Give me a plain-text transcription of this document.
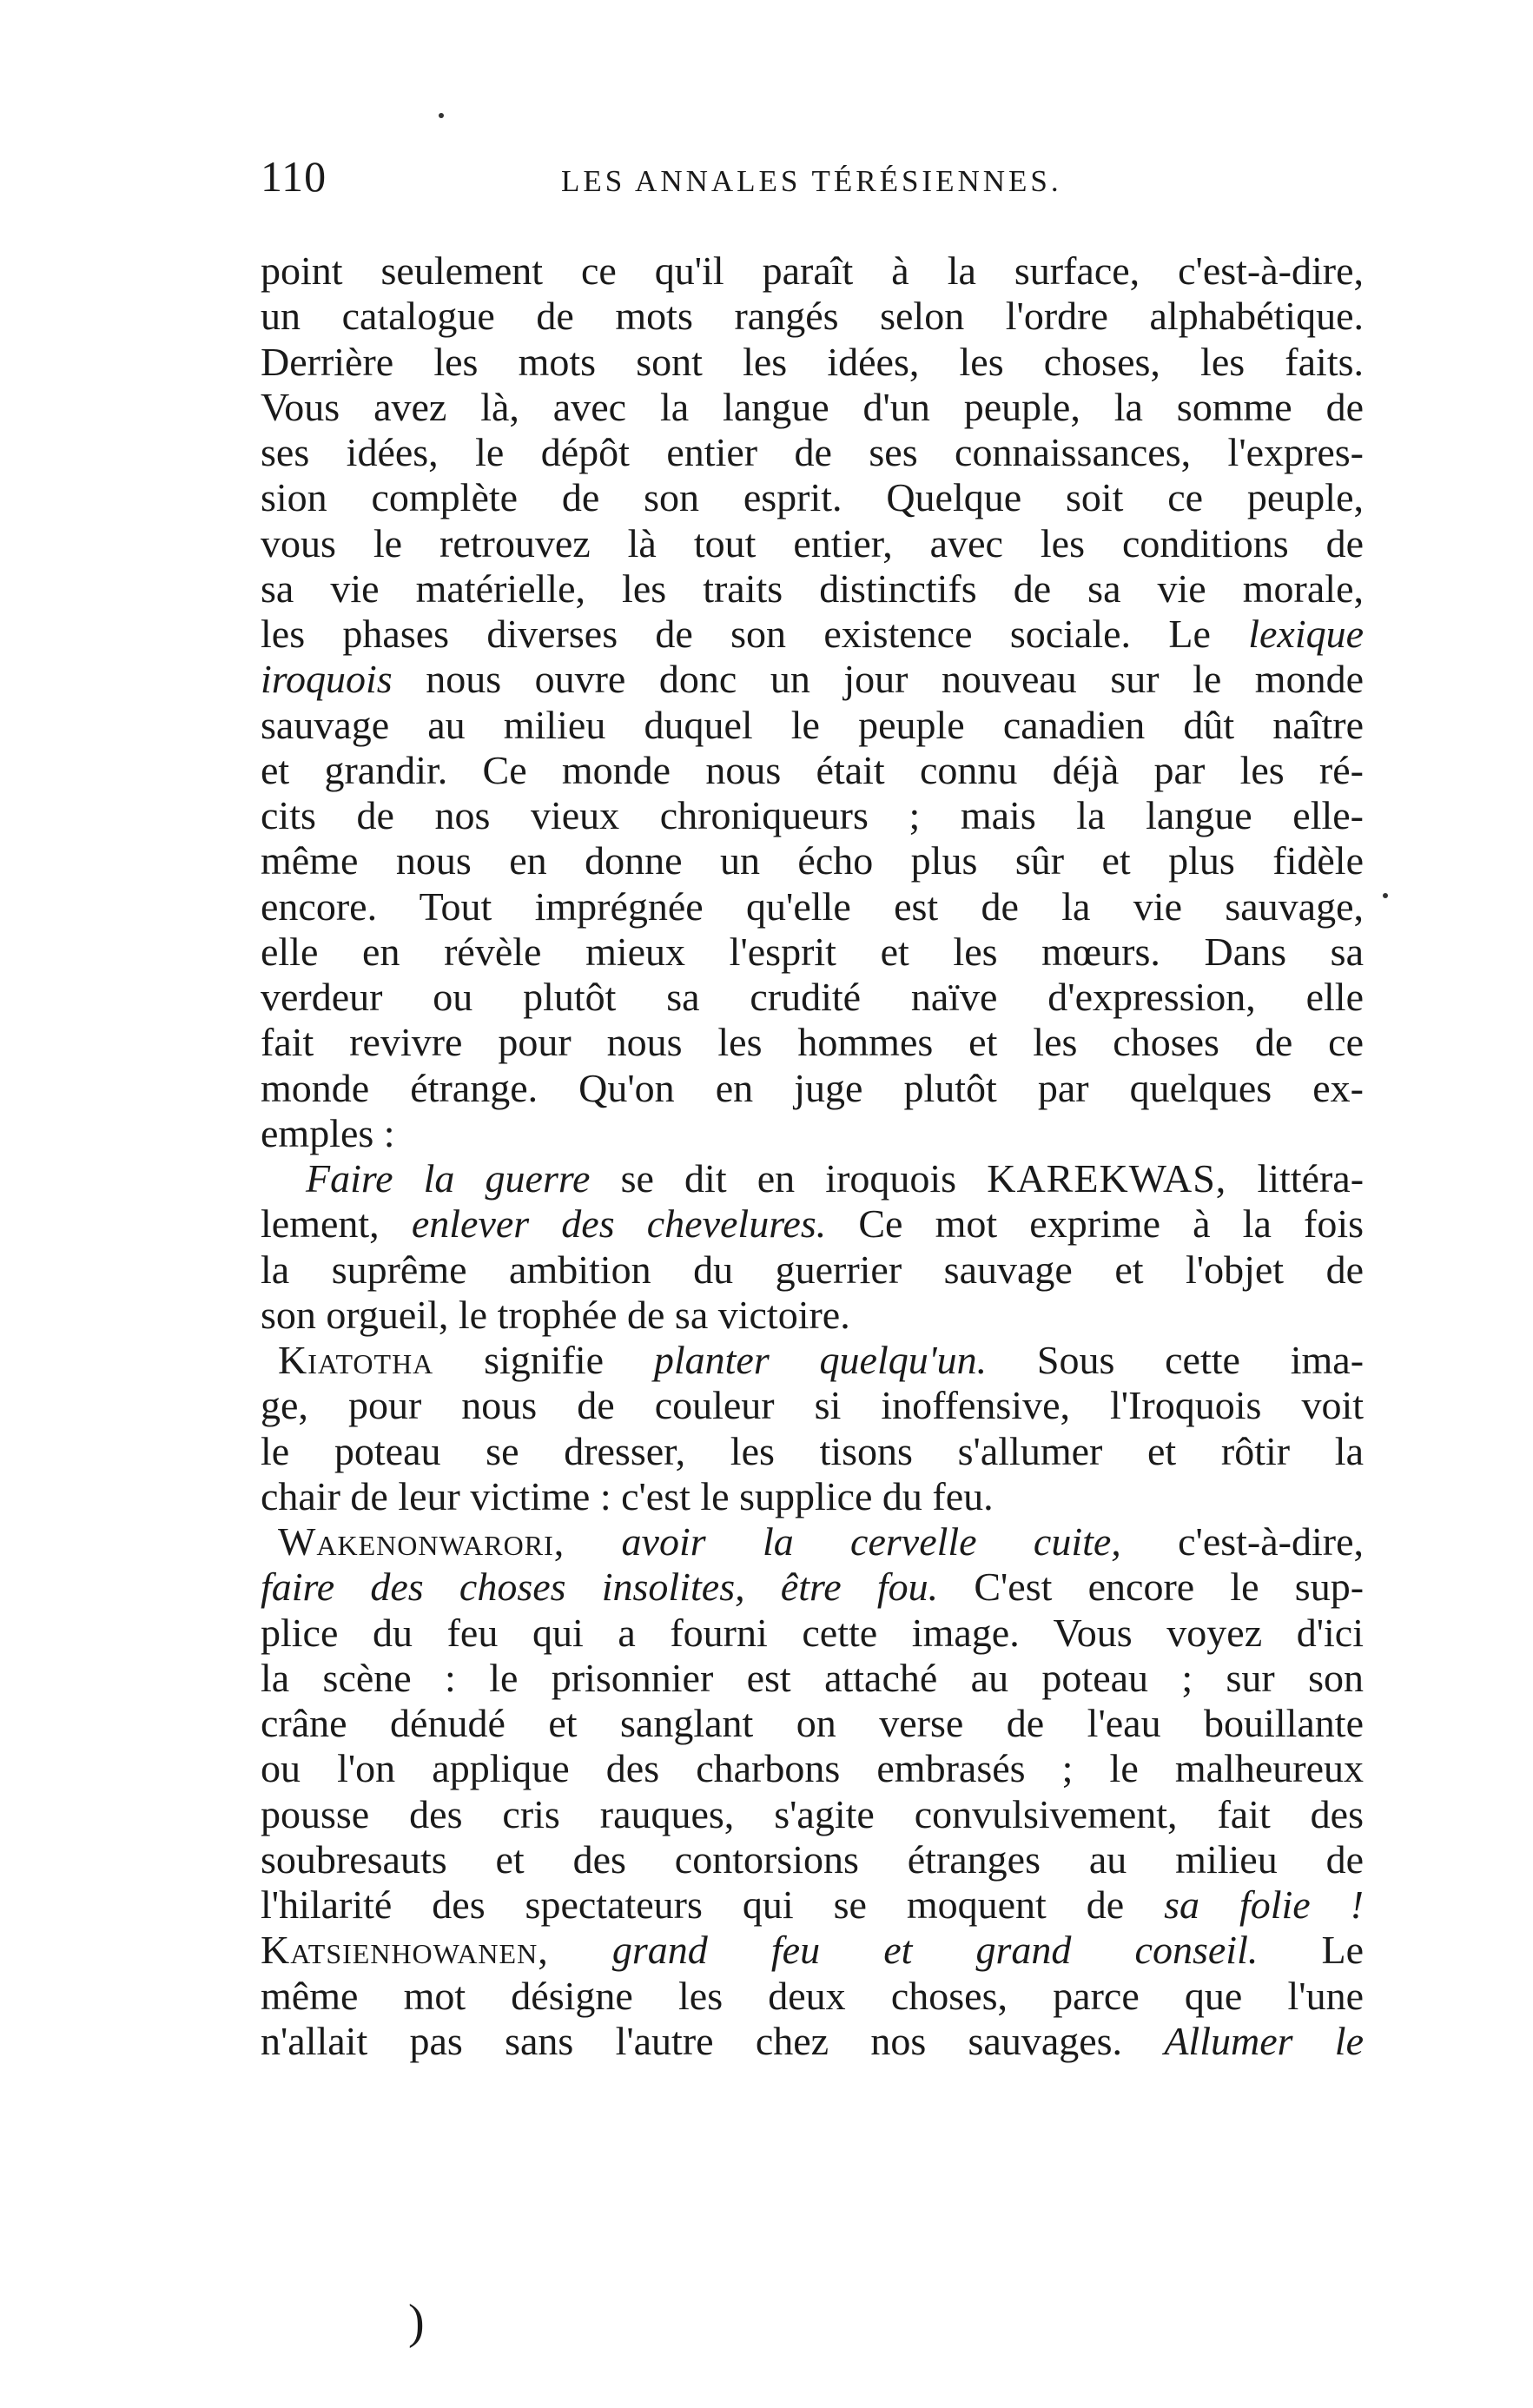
110	LES ANNALES TÉRÉSIENNES.
point seulement ce qu'il paraît à la surface, c'est-à-dire,
un catalogue de mots rangés selon l'ordre alphabétique.
Derrière les mots sont les idées, les choses, les faits.
Vous avez là, avec la langue d'un peuple, la somme de
ses idées, le dépôt entier de ses connaissances, l'expres-
sion complète de son esprit. Quelque soit ce peuple,
vous le retrouvez là tout entier, avec les conditions de
sa vie matérielle, les traits distinctifs de sa vie morale,
les phases diverses de son existence sociale. Le lexique
iroquois nous ouvre donc un jour nouveau sur le monde
sauvage au milieu duquel le peuple canadien dût naître
et grandir. Ce monde nous était connu déjà par les ré-
cits de nos vieux chroniqueurs ; mais la langue elle-
même nous en donne un écho plus sûr et plus fidèle
encore. Tout imprégnée qu'elle est de la vie sauvage,
elle en révèle mieux l'esprit et les mœurs. Dans sa
verdeur ou plutôt sa crudité naïve d'expression, elle
fait revivre pour nous les hommes et les choses de ce
monde étrange. Qu'on en juge plutôt par quelques ex-
emples :
Faire la guerre se dit en iroquois KAREKWAS, littéra-
lement, enlever des chevelures. Ce mot exprime à la fois
la suprême ambition du guerrier sauvage et l'objet de
son orgueil, le trophée de sa victoire.
Kiatotha signifie planter quelqu'un. Sous cette ima-
ge, pour nous de couleur si inoffensive, l'Iroquois voit
le poteau se dresser, les tisons s'allumer et rôtir la
chair de leur victime : c'est le supplice du feu.
Wakenonwarori, avoir la cervelle cuite, c'est-à-dire,
faire des choses insolites, être fou. C'est encore le sup-
plice du feu qui a fourni cette image. Vous voyez d'ici
la scène : le prisonnier est attaché au poteau ; sur son
crâne dénudé et sanglant on verse de l'eau bouillante
ou l'on applique des charbons embrasés ; le malheureux
pousse des cris rauques, s'agite convulsivement, fait des
soubresauts et des contorsions étranges au milieu de
l'hilarité des spectateurs qui se moquent de sa folie !
Katsienhowanen, grand feu et grand conseil. Le
même mot désigne les deux choses, parce que l'une
n'allait pas sans l'autre chez nos sauvages. Allumer le
)
